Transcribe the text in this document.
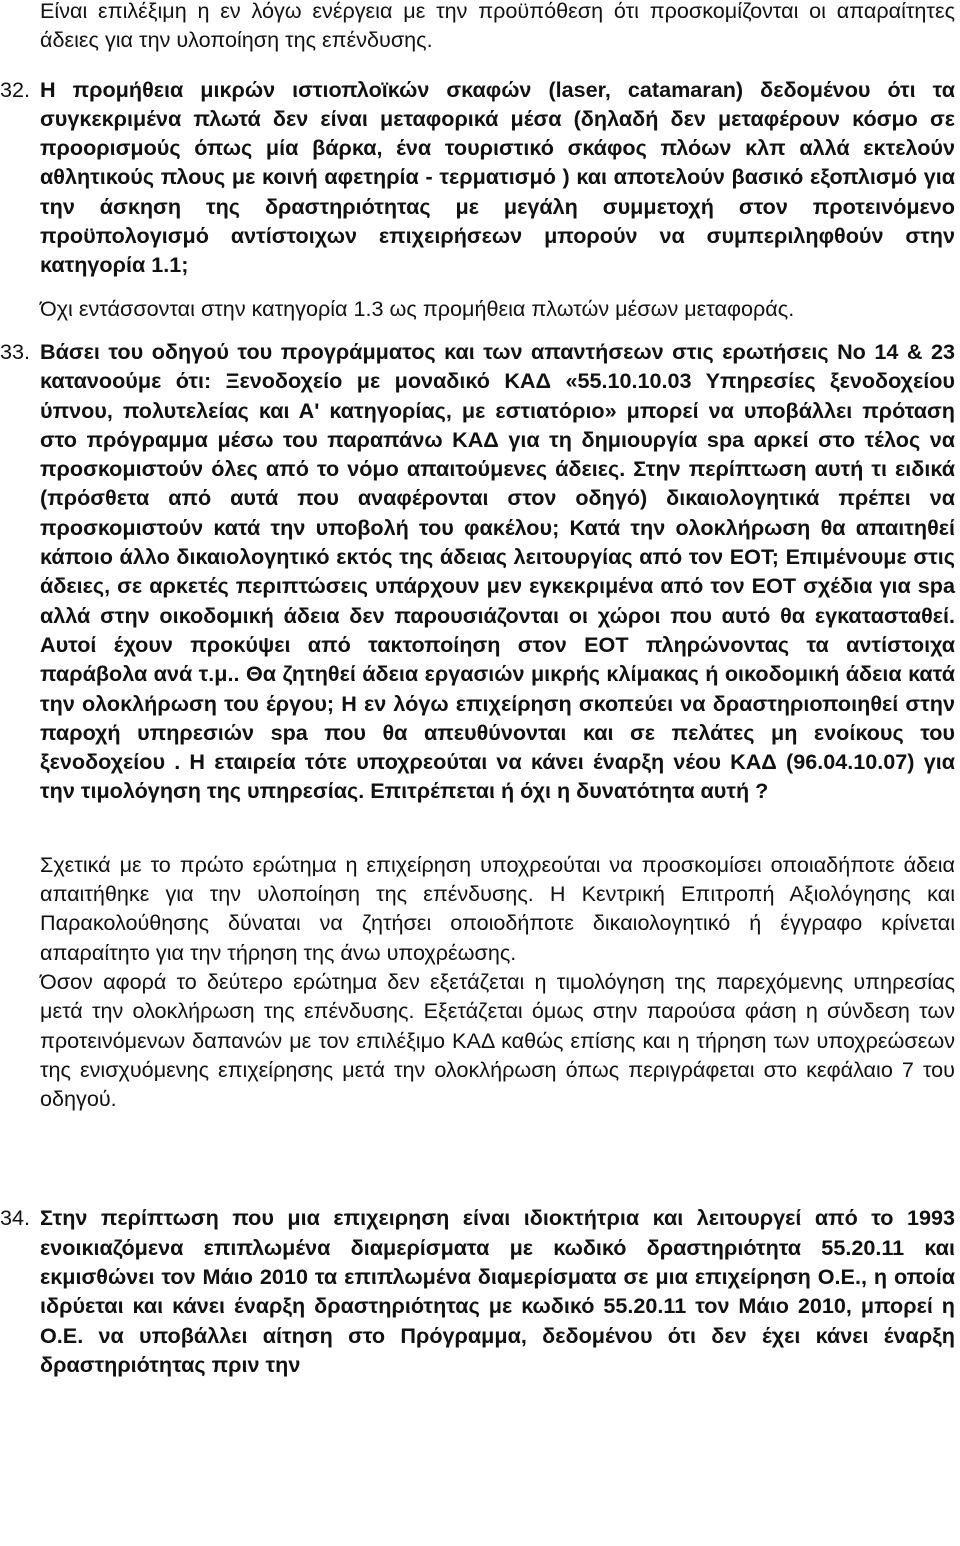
Είναι επιλέξιμη η εν λόγω ενέργεια με την προϋπόθεση ότι προσκομίζονται οι απαραίτητες άδειες για την υλοποίηση της επένδυσης.

32. Η προμήθεια μικρών ιστιοπλοϊκών σκαφών (laser, catamaran) δεδομένου ότι τα συγκεκριμένα πλωτά δεν είναι μεταφορικά μέσα (δηλαδή δεν μεταφέρουν κόσμο σε προορισμούς όπως μία βάρκα, ένα τουριστικό σκάφος πλόων κλπ αλλά εκτελούν αθλητικούς πλους με κοινή αφετηρία - τερματισμό ) και αποτελούν βασικό εξοπλισμό για την άσκηση της δραστηριότητας με μεγάλη συμμετοχή στον προτεινόμενο προϋπολογισμό αντίστοιχων επιχειρήσεων μπορούν να συμπεριληφθούν στην κατηγορία 1.1;

Όχι εντάσσονται στην κατηγορία 1.3 ως προμήθεια πλωτών μέσων μεταφοράς.

33. Βάσει του οδηγού του προγράμματος και των απαντήσεων στις ερωτήσεις Νο 14 & 23 κατανοούμε ότι: Ξενοδοχείο με μοναδικό ΚΑΔ «55.10.10.03 Υπηρεσίες ξενοδοχείου ύπνου, πολυτελείας και Α' κατηγορίας, με εστιατόριο» μπορεί να υποβάλλει πρόταση στο πρόγραμμα μέσω του παραπάνω ΚΑΔ για τη δημιουργία spa αρκεί στο τέλος να προσκομιστούν όλες από το νόμο απαιτούμενες άδειες. Στην περίπτωση αυτή τι ειδικά (πρόσθετα από αυτά που αναφέρονται στον οδηγό) δικαιολογητικά πρέπει να προσκομιστούν κατά την υποβολή του φακέλου; Κατά την ολοκλήρωση θα απαιτηθεί κάποιο άλλο δικαιολογητικό εκτός της άδειας λειτουργίας από τον ΕΟΤ; Επιμένουμε στις άδειες, σε αρκετές περιπτώσεις υπάρχουν μεν εγκεκριμένα από τον ΕΟΤ σχέδια για spa αλλά στην οικοδομική άδεια δεν παρουσιάζονται οι χώροι που αυτό θα εγκατασταθεί. Αυτοί έχουν προκύψει από τακτοποίηση στον ΕΟΤ πληρώνοντας τα αντίστοιχα παράβολα ανά τ.μ.. Θα ζητηθεί άδεια εργασιών μικρής κλίμακας ή οικοδομική άδεια κατά την ολοκλήρωση του έργου; Η εν λόγω επιχείρηση σκοπεύει να δραστηριοποιηθεί στην παροχή υπηρεσιών spa που θα απευθύνονται και σε πελάτες μη ενοίκους του ξενοδοχείου . Η εταιρεία τότε υποχρεούται να κάνει έναρξη νέου ΚΑΔ (96.04.10.07) για την τιμολόγηση της υπηρεσίας. Επιτρέπεται ή όχι η δυνατότητα αυτή ?

Σχετικά με το πρώτο ερώτημα η επιχείρηση υποχρεούται να προσκομίσει οποιαδήποτε άδεια απαιτήθηκε για την υλοποίηση της επένδυσης. Η Κεντρική Επιτροπή Αξιολόγησης και Παρακολούθησης δύναται να ζητήσει οποιοδήποτε δικαιολογητικό ή έγγραφο κρίνεται απαραίτητο για την τήρηση της άνω υποχρέωσης.

Όσον αφορά το δεύτερο ερώτημα δεν εξετάζεται η τιμολόγηση της παρεχόμενης υπηρεσίας μετά την ολοκλήρωση της επένδυσης. Εξετάζεται όμως στην παρούσα φάση η σύνδεση των προτεινόμενων δαπανών με τον επιλέξιμο ΚΑΔ καθώς επίσης και η τήρηση των υποχρεώσεων της ενισχυόμενης επιχείρησης μετά την ολοκλήρωση όπως περιγράφεται στο κεφάλαιο 7 του οδηγού.

34. Στην περίπτωση που μια επιχειρηση είναι ιδιοκτήτρια και λειτουργεί από το 1993 ενοικιαζόμενα επιπλωμένα διαμερίσματα με κωδικό δραστηριότητα 55.20.11 και εκμισθώνει τον Μάιο 2010 τα επιπλωμένα διαμερίσματα σε μια επιχείρηση Ο.Ε., η οποία ιδρύεται και κάνει έναρξη δραστηριότητας με κωδικό 55.20.11 τον Μάιο 2010, μπορεί η Ο.Ε. να υποβάλλει αίτηση στο Πρόγραμμα, δεδομένου ότι δεν έχει κάνει έναρξη δραστηριότητας πριν την
